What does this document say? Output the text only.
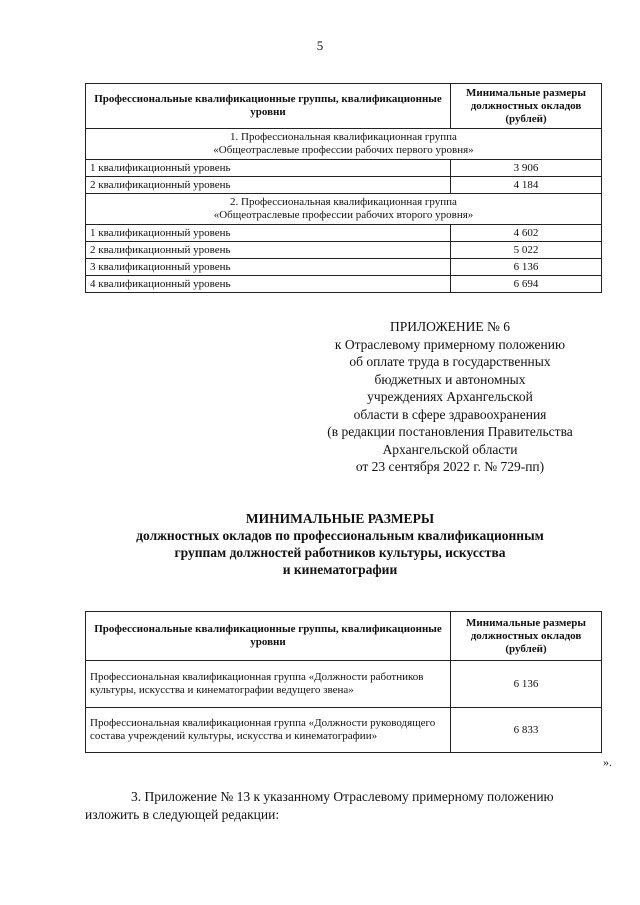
5
Профессиональные квалификационные группы, квалификационные уровни	Минимальные размеры должностных окладов (рублей)

1. Профессиональная квалификационная группа
«Общеотраслевые профессии рабочих первого уровня»	

1 квалификационный уровень	3 906
2 квалификационный уровень	4 184

2. Профессиональная квалификационная группа
«Общеотраслевые профессии рабочих второго уровня»	

1 квалификационный уровень	4 602
2 квалификационный уровень	5 022
3 квалификационный уровень	6 136
4 квалификационный уровень	6 694
ПРИЛОЖЕНИЕ № 6
к Отраслевому примерному положению
об оплате труда в государственных
бюджетных и автономных
учреждениях Архангельской
области в сфере здравоохранения
(в редакции постановления Правительства
Архангельской области
от 23 сентября 2022 г. № 729-пп)
МИНИМАЛЬНЫЕ РАЗМЕРЫ
должностных окладов по профессиональным квалификационным
группам должностей работников культуры, искусства
и кинематографии
Профессиональные квалификационные группы, квалификационные уровни	Минимальные размеры должностных окладов (рублей)
Профессиональная квалификационная группа «Должности работников культуры, искусства и кинематографии ведущего звена»	6 136
Профессиональная квалификационная группа «Должности руководящего состава учреждений культуры, искусства и кинематографии»	6 833
».
3. Приложение № 13 к указанному Отраслевому примерному положению изложить в следующей редакции:
